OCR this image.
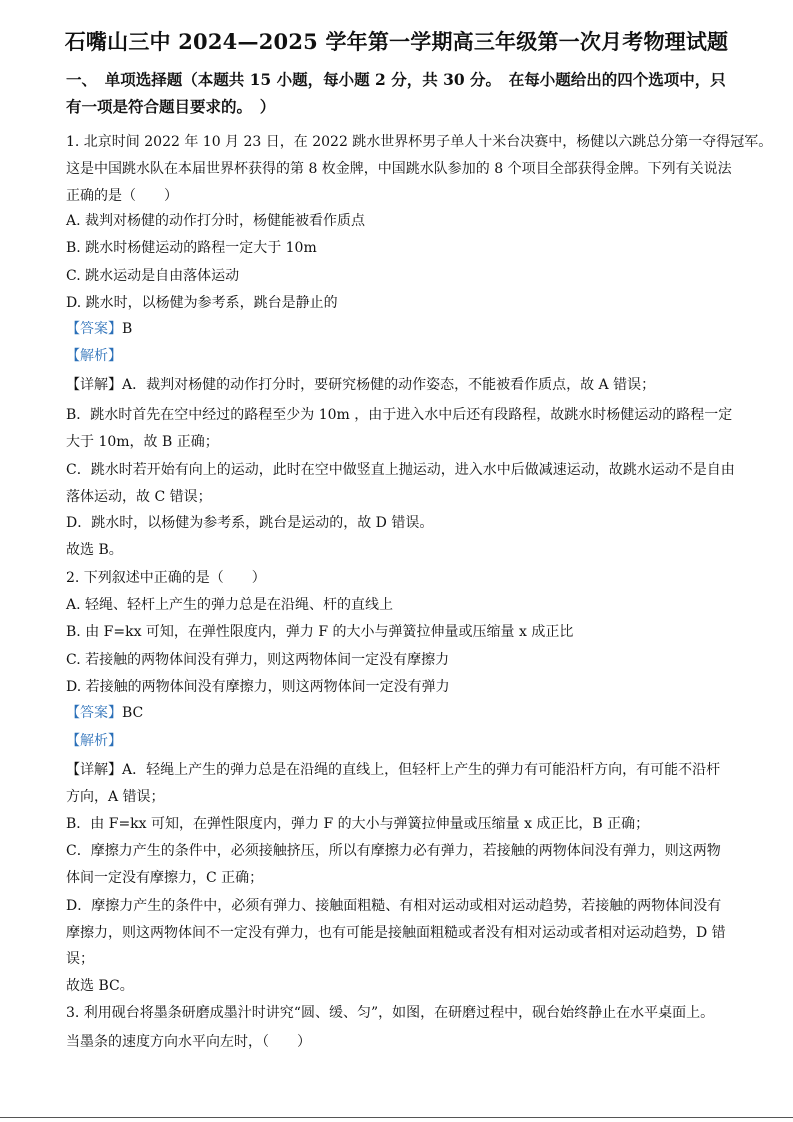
石嘴山三中 2024—2025 学年第一学期高三年级第一次月考物理试题
一、　单项选择题（本题共 15 小题，每小题 2 分，共 30 分。　在每小题给出的四个选项中，只
有一项是符合题目要求的。　）
1. 北京时间 2022 年 10 月 23 日，在 2022 跳水世界杯男子单人十米台决赛中，杨健以六跳总分第一夺得冠军。
这是中国跳水队在本届世界杯获得的第 8 枚金牌，中国跳水队参加的 8 个项目全部获得金牌。下列有关说法
正确的是（　　）
A. 裁判对杨健的动作打分时，杨健能被看作质点
B. 跳水时杨健运动的路程一定大于 10m
C. 跳水运动是自由落体运动
D. 跳水时，以杨健为参考系，跳台是静止的
【答案】B
【解析】
【详解】A．裁判对杨健的动作打分时，要研究杨健的动作姿态，不能被看作质点，故 A 错误；
B．跳水时首先在空中经过的路程至少为 10m ，由于进入水中后还有段路程，故跳水时杨健运动的路程一定
大于 10m，故 B 正确；
C．跳水时若开始有向上的运动，此时在空中做竖直上抛运动，进入水中后做减速运动，故跳水运动不是自由
落体运动，故 C 错误；
D．跳水时，以杨健为参考系，跳台是运动的，故 D 错误。
故选 B。
2. 下列叙述中正确的是（　　）
A. 轻绳、轻杆上产生的弹力总是在沿绳、杆的直线上
B. 由 F=kx 可知，在弹性限度内，弹力 F 的大小与弹簧拉伸量或压缩量 x 成正比
C. 若接触的两物体间没有弹力，则这两物体间一定没有摩擦力
D. 若接触的两物体间没有摩擦力，则这两物体间一定没有弹力
【答案】BC
【解析】
【详解】A．轻绳上产生的弹力总是在沿绳的直线上，但轻杆上产生的弹力有可能沿杆方向，有可能不沿杆
方向，A 错误；
B．由 F=kx 可知，在弹性限度内，弹力 F 的大小与弹簧拉伸量或压缩量 x 成正比，B 正确；
C．摩擦力产生的条件中，必须接触挤压，所以有摩擦力必有弹力，若接触的两物体间没有弹力，则这两物
体间一定没有摩擦力，C 正确；
D．摩擦力产生的条件中，必须有弹力、接触面粗糙、有相对运动或相对运动趋势，若接触的两物体间没有
摩擦力，则这两物体间不一定没有弹力，也有可能是接触面粗糙或者没有相对运动或者相对运动趋势，D 错
误；
故选 BC。
3. 利用砚台将墨条研磨成墨汁时讲究“圆、缓、匀”，如图，在研磨过程中，砚台始终静止在水平桌面上。
当墨条的速度方向水平向左时，（　　）
